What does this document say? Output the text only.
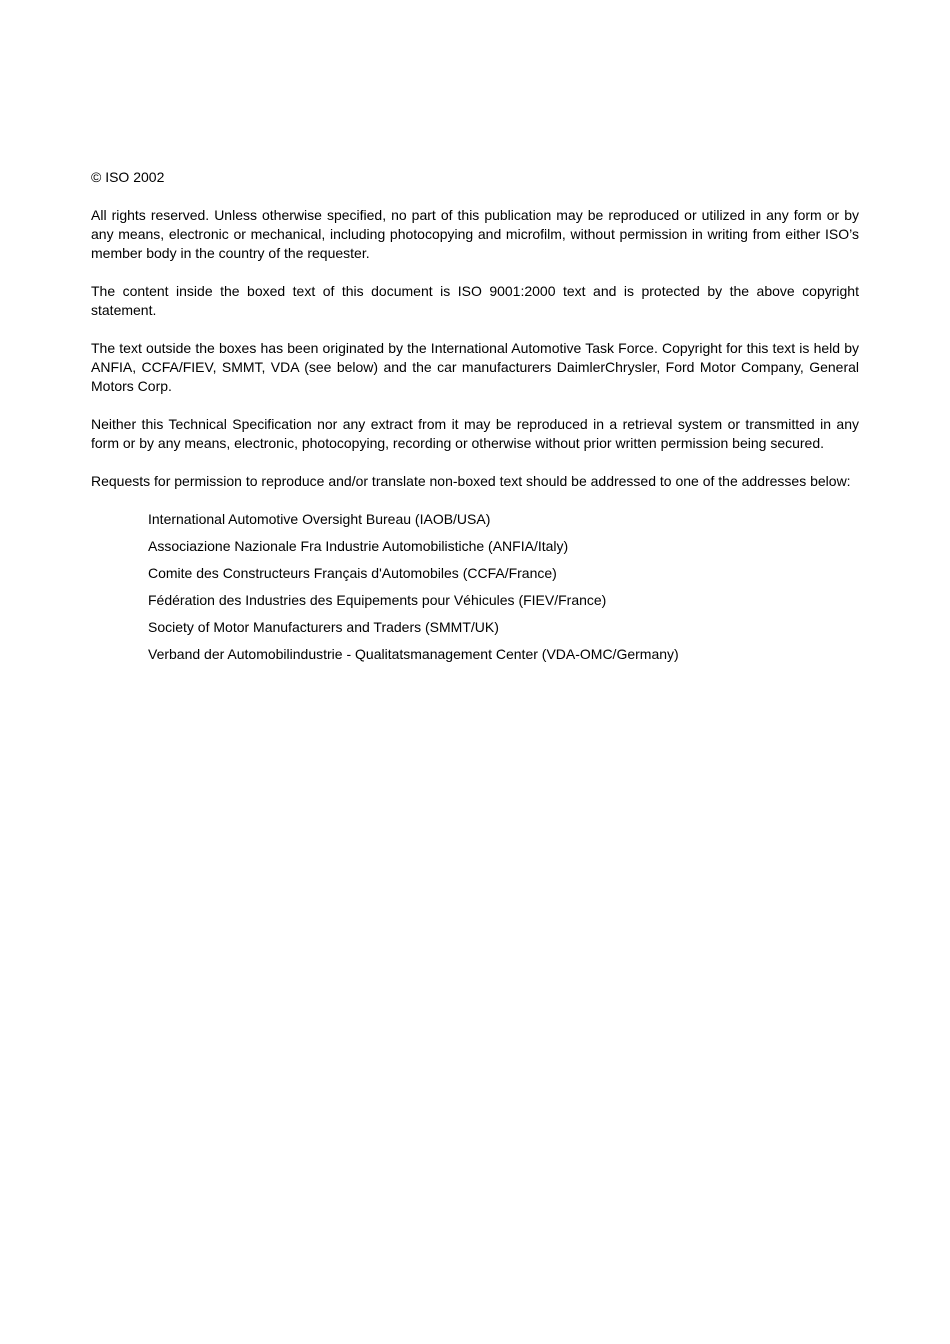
© ISO 2002

All rights reserved. Unless otherwise specified, no part of this publication may be reproduced or utilized in any form or by any means, electronic or mechanical, including photocopying and microfilm, without permission in writing from either ISO’s member body in the country of the requester.

The content inside the boxed text of this document is ISO 9001:2000 text and is protected by the above copyright statement.

The text outside the boxes has been originated by the International Automotive Task Force. Copyright for this text is held by ANFIA, CCFA/FIEV, SMMT, VDA (see below) and the car manufacturers DaimlerChrysler, Ford Motor Company, General Motors Corp.

Neither this Technical Specification nor any extract from it may be reproduced in a retrieval system or transmitted in any form or by any means, electronic, photocopying, recording or otherwise without prior written permission being secured.

Requests for permission to reproduce and/or translate non-boxed text should be addressed to one of the addresses below:

International Automotive Oversight Bureau (IAOB/USA)
Associazione Nazionale Fra Industrie Automobilistiche (ANFIA/Italy)
Comite des Constructeurs Français d'Automobiles (CCFA/France)
Fédération des Industries des Equipements pour Véhicules (FIEV/France)
Society of Motor Manufacturers and Traders (SMMT/UK)
Verband der Automobilindustrie - Qualitatsmanagement Center (VDA-OMC/Germany)
